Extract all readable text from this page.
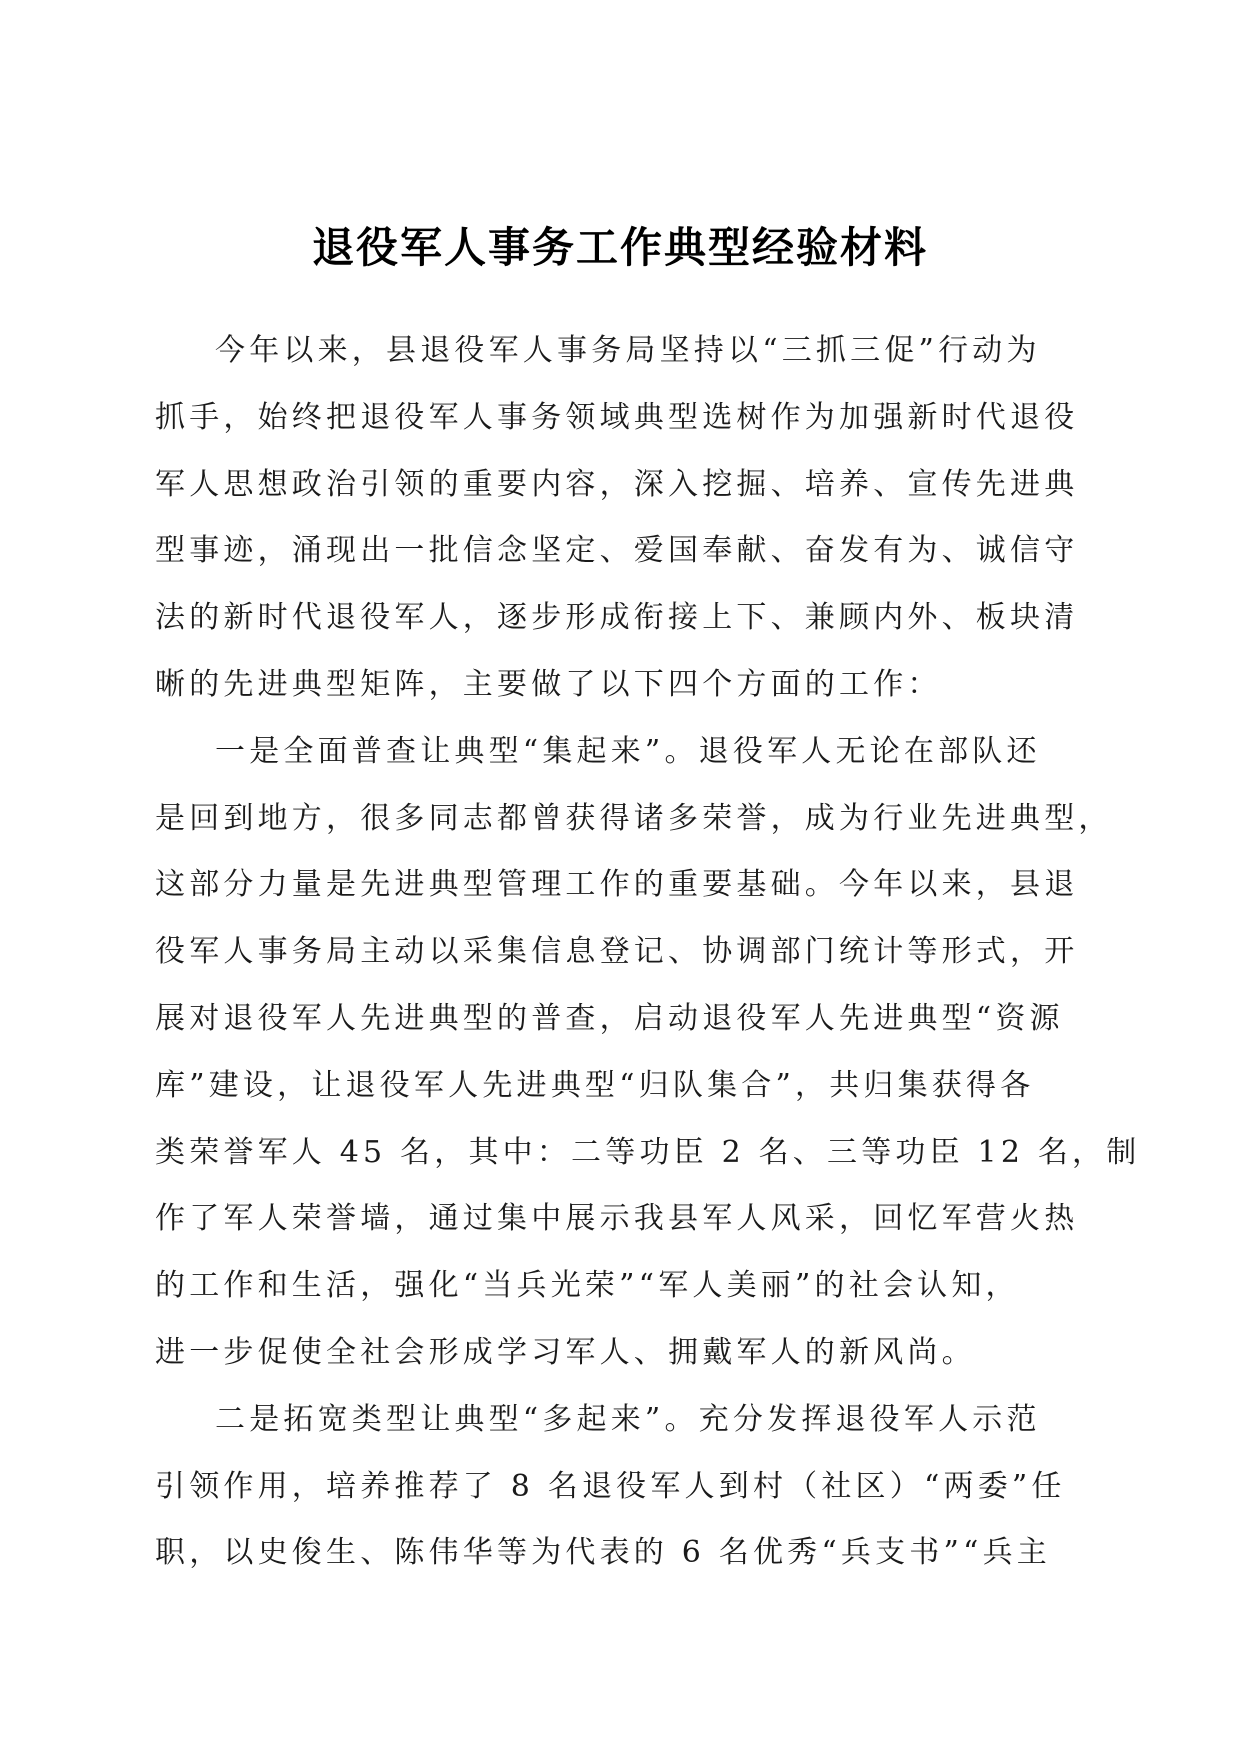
退役军人事务工作典型经验材料

今年以来，县退役军人事务局坚持以“三抓三促”行动为
抓手，始终把退役军人事务领域典型选树作为加强新时代退役
军人思想政治引领的重要内容，深入挖掘、培养、宣传先进典
型事迹，涌现出一批信念坚定、爱国奉献、奋发有为、诚信守
法的新时代退役军人，逐步形成衔接上下、兼顾内外、板块清
晰的先进典型矩阵，主要做了以下四个方面的工作：

一是全面普查让典型“集起来”。退役军人无论在部队还
是回到地方，很多同志都曾获得诸多荣誉，成为行业先进典型，
这部分力量是先进典型管理工作的重要基础。今年以来，县退
役军人事务局主动以采集信息登记、协调部门统计等形式，开
展对退役军人先进典型的普查，启动退役军人先进典型“资源
库”建设，让退役军人先进典型“归队集合”，共归集获得各
类荣誉军人 45 名，其中：二等功臣 2 名、三等功臣 12 名，制
作了军人荣誉墙，通过集中展示我县军人风采，回忆军营火热
的工作和生活，强化“当兵光荣”“军人美丽”的社会认知，
进一步促使全社会形成学习军人、拥戴军人的新风尚。

二是拓宽类型让典型“多起来”。充分发挥退役军人示范
引领作用，培养推荐了 8 名退役军人到村（社区）“两委”任
职，以史俊生、陈伟华等为代表的 6 名优秀“兵支书”“兵主
